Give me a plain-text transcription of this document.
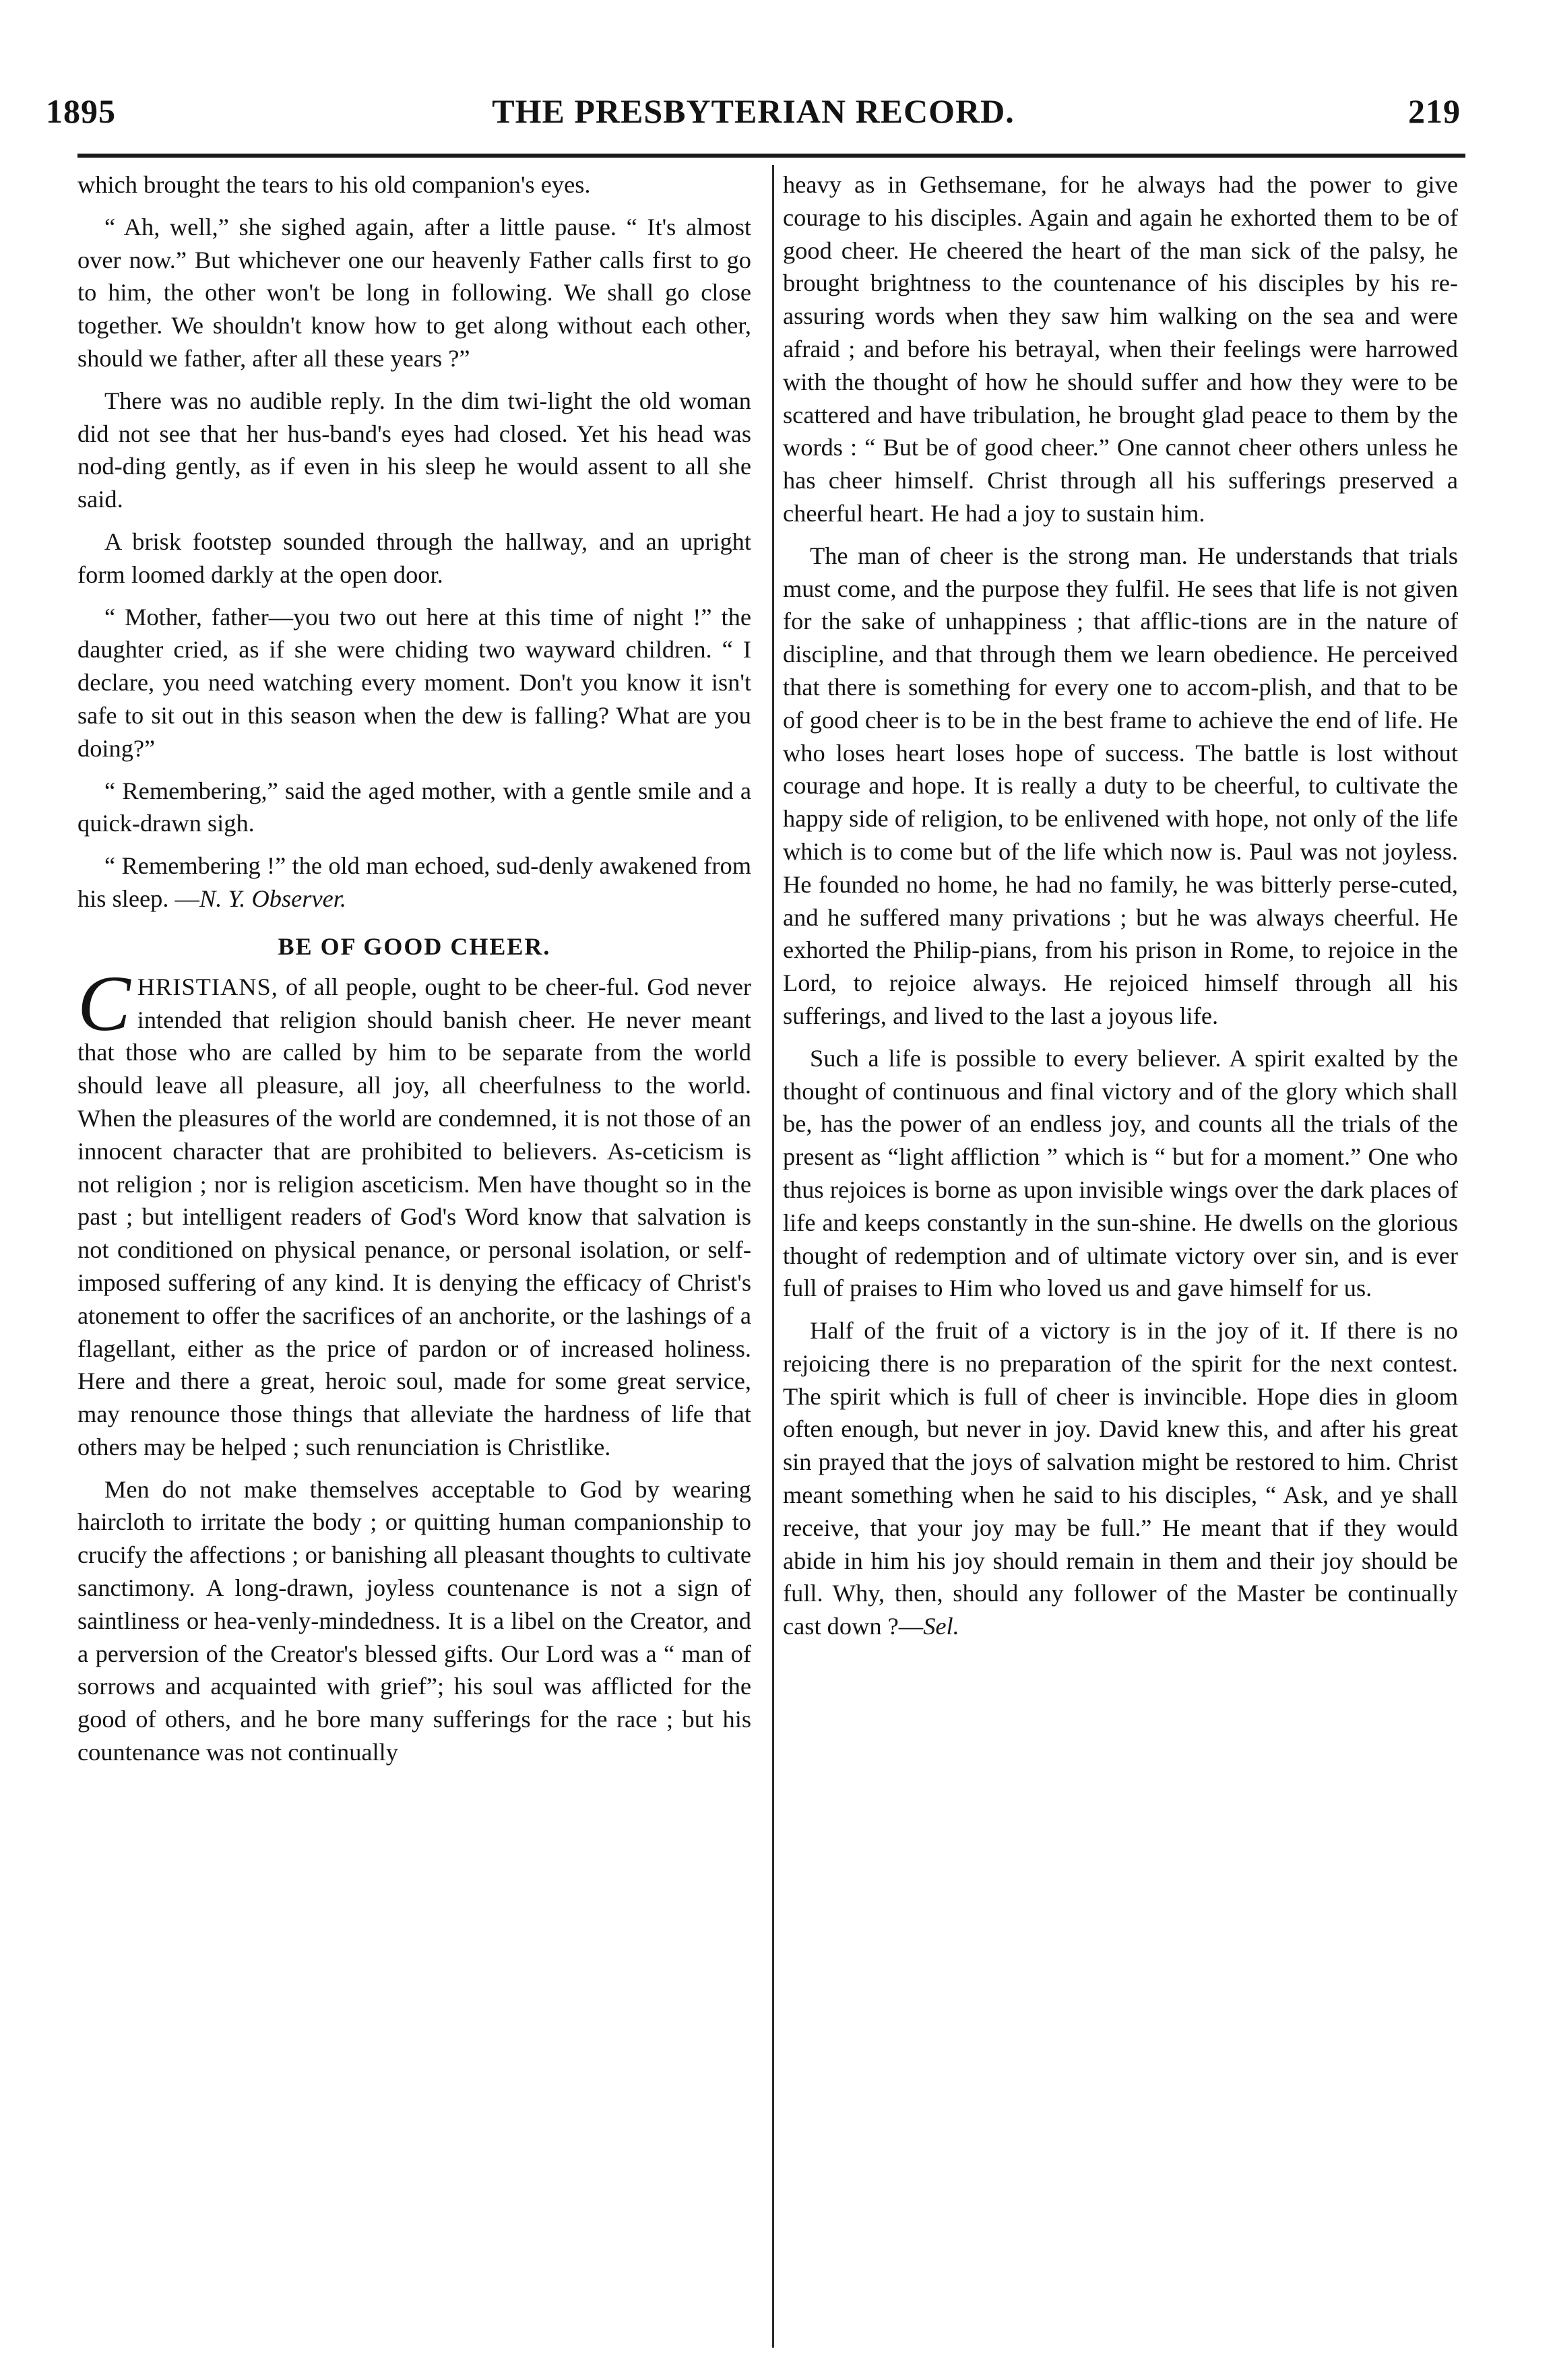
1895	THE PRESBYTERIAN RECORD.	219

which brought the tears to his old companion's eyes.

“ Ah, well,” she sighed again, after a little pause. “ It's almost over now.” But whichever one our heavenly Father calls first to go to him, the other won't be long in following. We shall go close together. We shouldn't know how to get along without each other, should we father, after all these years ?”

There was no audible reply. In the dim twi-light the old woman did not see that her hus-band's eyes had closed. Yet his head was nod-ding gently, as if even in his sleep he would assent to all she said.

A brisk footstep sounded through the hallway, and an upright form loomed darkly at the open door.

“ Mother, father—you two out here at this time of night !” the daughter cried, as if she were chiding two wayward children. “ I declare, you need watching every moment. Don't you know it isn't safe to sit out in this season when the dew is falling? What are you doing?”

“ Remembering,” said the aged mother, with a gentle smile and a quick-drawn sigh.

“ Remembering !” the old man echoed, sud-denly awakened from his sleep. —N. Y. Observer.

BE OF GOOD CHEER.

CHRISTIANS, of all people, ought to be cheer-ful. God never intended that religion should banish cheer. He never meant that those who are called by him to be separate from the world should leave all pleasure, all joy, all cheerfulness to the world. When the pleasures of the world are condemned, it is not those of an innocent character that are prohibited to believers. As-ceticism is not religion ; nor is religion asceticism. Men have thought so in the past ; but intelligent readers of God's Word know that salvation is not conditioned on physical penance, or personal isolation, or self-imposed suffering of any kind. It is denying the efficacy of Christ's atonement to offer the sacrifices of an anchorite, or the lashings of a flagellant, either as the price of pardon or of increased holiness. Here and there a great, heroic soul, made for some great service, may renounce those things that alleviate the hardness of life that others may be helped ; such renunciation is Christlike.

Men do not make themselves acceptable to God by wearing haircloth to irritate the body ; or quitting human companionship to crucify the affections ; or banishing all pleasant thoughts to cultivate sanctimony. A long-drawn, joyless countenance is not a sign of saintliness or hea-venly-mindedness. It is a libel on the Creator, and a perversion of the Creator's blessed gifts. Our Lord was a “ man of sorrows and acquainted with grief”; his soul was afflicted for the good of others, and he bore many sufferings for the race ; but his countenance was not continually

heavy as in Gethsemane, for he always had the power to give courage to his disciples. Again and again he exhorted them to be of good cheer. He cheered the heart of the man sick of the palsy, he brought brightness to the countenance of his disciples by his re-assuring words when they saw him walking on the sea and were afraid ; and before his betrayal, when their feelings were harrowed with the thought of how he should suffer and how they were to be scattered and have tribulation, he brought glad peace to them by the words : “ But be of good cheer.” One cannot cheer others unless he has cheer himself. Christ through all his sufferings preserved a cheerful heart. He had a joy to sustain him.

The man of cheer is the strong man. He understands that trials must come, and the purpose they fulfil. He sees that life is not given for the sake of unhappiness ; that afflic-tions are in the nature of discipline, and that through them we learn obedience. He perceived that there is something for every one to accom-plish, and that to be of good cheer is to be in the best frame to achieve the end of life. He who loses heart loses hope of success. The battle is lost without courage and hope. It is really a duty to be cheerful, to cultivate the happy side of religion, to be enlivened with hope, not only of the life which is to come but of the life which now is. Paul was not joyless. He founded no home, he had no family, he was bitterly perse-cuted, and he suffered many privations ; but he was always cheerful. He exhorted the Philip-pians, from his prison in Rome, to rejoice in the Lord, to rejoice always. He rejoiced himself through all his sufferings, and lived to the last a joyous life.

Such a life is possible to every believer. A spirit exalted by the thought of continuous and final victory and of the glory which shall be, has the power of an endless joy, and counts all the trials of the present as “light affliction ” which is “ but for a moment.” One who thus rejoices is borne as upon invisible wings over the dark places of life and keeps constantly in the sun-shine. He dwells on the glorious thought of redemption and of ultimate victory over sin, and is ever full of praises to Him who loved us and gave himself for us.

Half of the fruit of a victory is in the joy of it. If there is no rejoicing there is no preparation of the spirit for the next contest. The spirit which is full of cheer is invincible. Hope dies in gloom often enough, but never in joy. David knew this, and after his great sin prayed that the joys of salvation might be restored to him. Christ meant something when he said to his disciples, “ Ask, and ye shall receive, that your joy may be full.” He meant that if they would abide in him his joy should remain in them and their joy should be full. Why, then, should any follower of the Master be continually cast down ?—Sel.
